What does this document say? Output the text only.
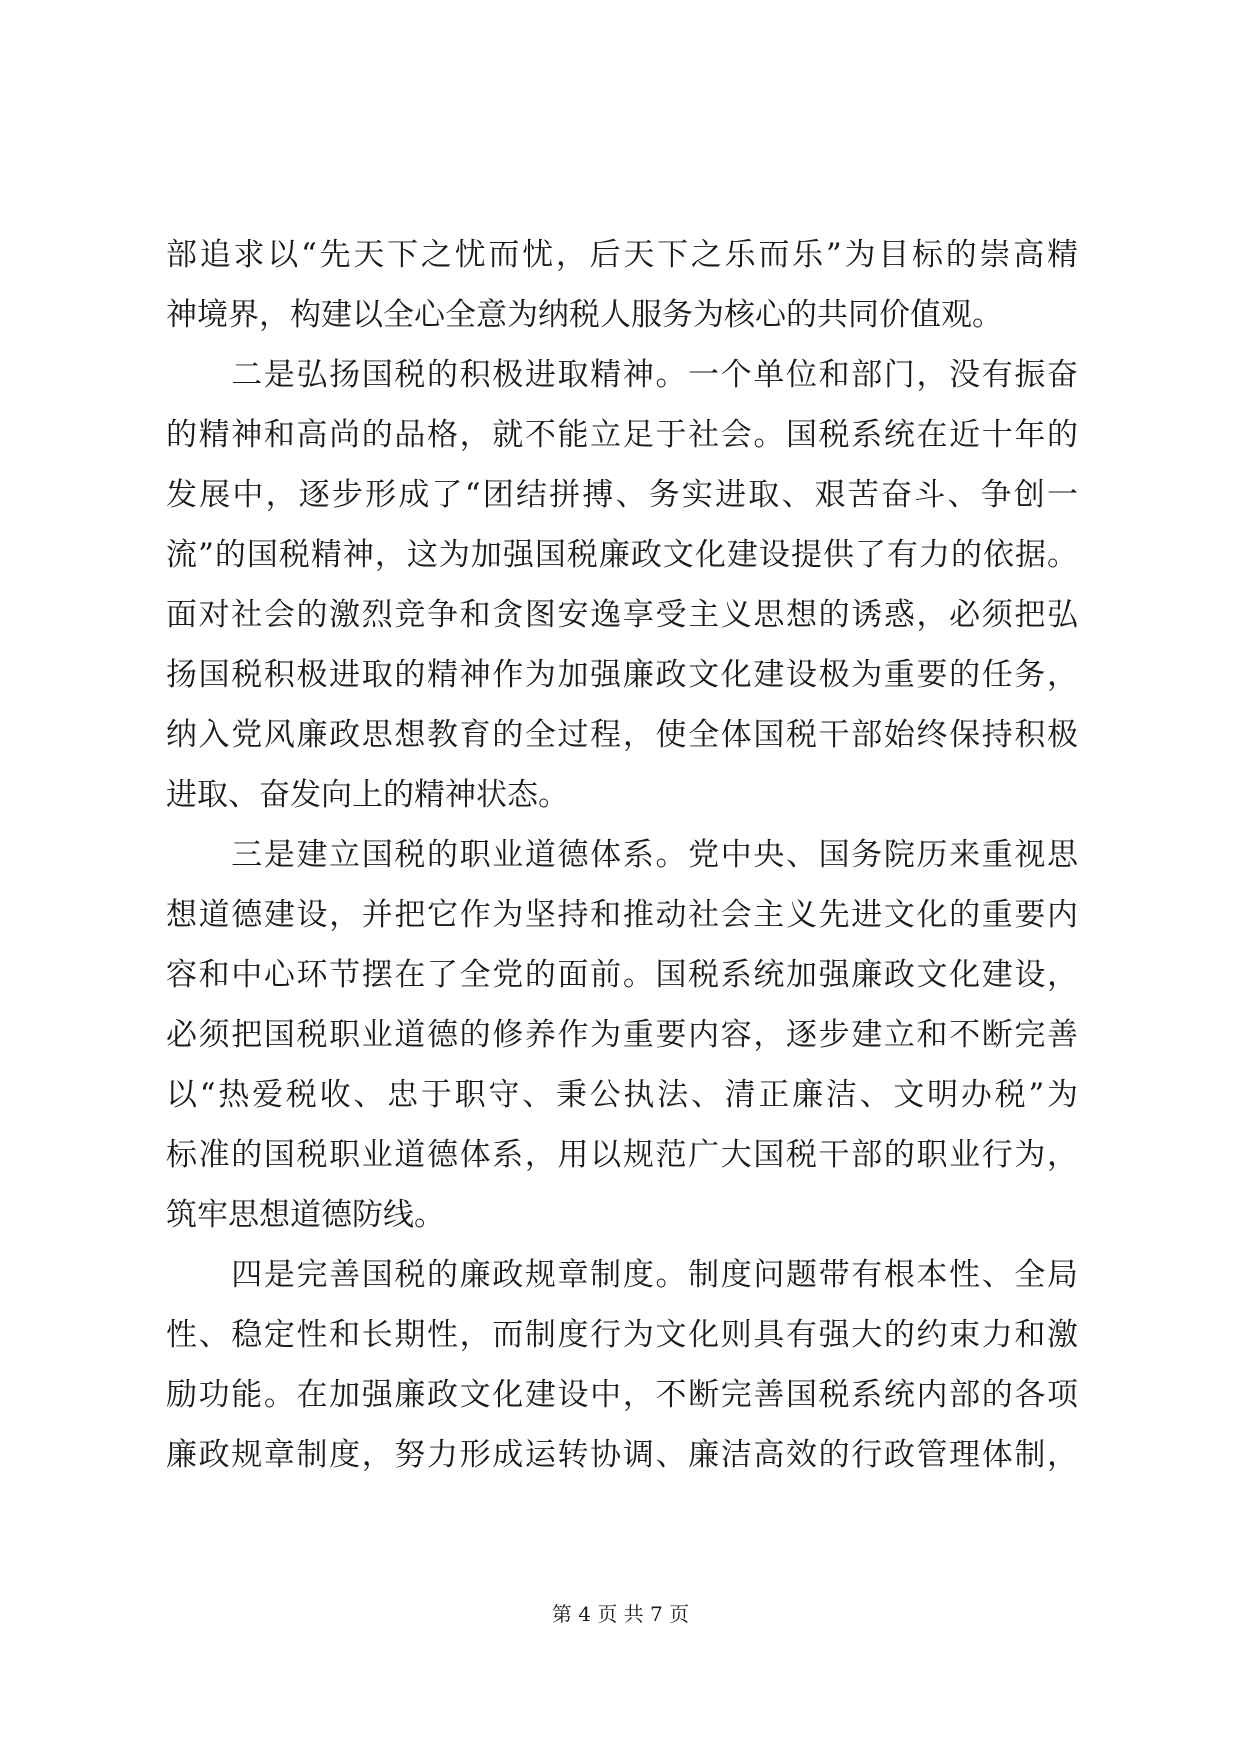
部追求以“先天下之忧而忧，后天下之乐而乐”为目标的崇高精
神境界，构建以全心全意为纳税人服务为核心的共同价值观。
　　二是弘扬国税的积极进取精神。一个单位和部门，没有振奋
的精神和高尚的品格，就不能立足于社会。国税系统在近十年的
发展中，逐步形成了“团结拼搏、务实进取、艰苦奋斗、争创一
流”的国税精神，这为加强国税廉政文化建设提供了有力的依据。
面对社会的激烈竞争和贪图安逸享受主义思想的诱惑，必须把弘
扬国税积极进取的精神作为加强廉政文化建设极为重要的任务，
纳入党风廉政思想教育的全过程，使全体国税干部始终保持积极
进取、奋发向上的精神状态。
　　三是建立国税的职业道德体系。党中央、国务院历来重视思
想道德建设，并把它作为坚持和推动社会主义先进文化的重要内
容和中心环节摆在了全党的面前。国税系统加强廉政文化建设，
必须把国税职业道德的修养作为重要内容，逐步建立和不断完善
以“热爱税收、忠于职守、秉公执法、清正廉洁、文明办税”为
标准的国税职业道德体系，用以规范广大国税干部的职业行为，
筑牢思想道德防线。
　　四是完善国税的廉政规章制度。制度问题带有根本性、全局
性、稳定性和长期性，而制度行为文化则具有强大的约束力和激
励功能。在加强廉政文化建设中，不断完善国税系统内部的各项
廉政规章制度，努力形成运转协调、廉洁高效的行政管理体制，
第 4 页 共 7 页
